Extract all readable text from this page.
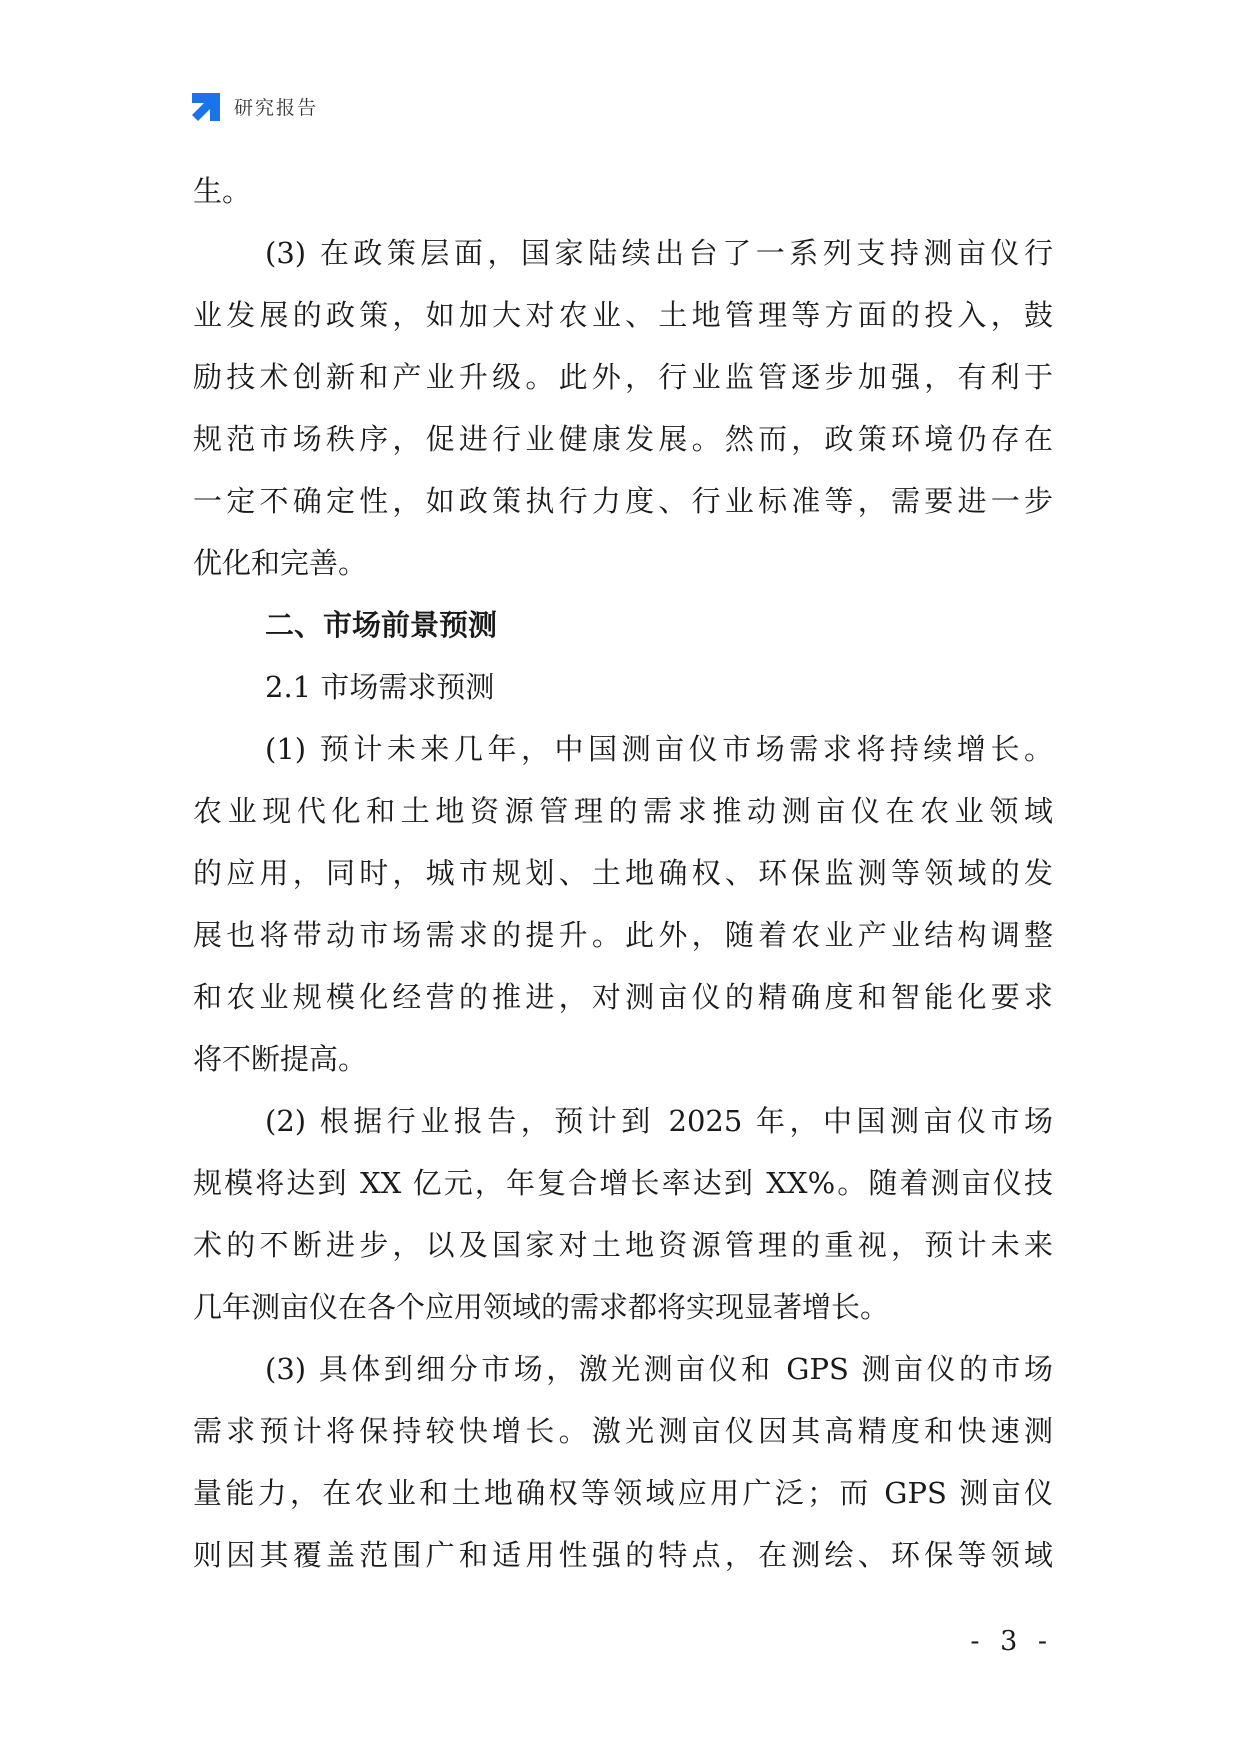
研究报告
生。
(3) 在政策层面，国家陆续出台了一系列支持测亩仪行
业发展的政策，如加大对农业、土地管理等方面的投入，鼓
励技术创新和产业升级。此外，行业监管逐步加强，有利于
规范市场秩序，促进行业健康发展。然而，政策环境仍存在
一定不确定性，如政策执行力度、行业标准等，需要进一步
优化和完善。
二、市场前景预测
2.1 市场需求预测
(1) 预计未来几年，中国测亩仪市场需求将持续增长。
农业现代化和土地资源管理的需求推动测亩仪在农业领域
的应用，同时，城市规划、土地确权、环保监测等领域的发
展也将带动市场需求的提升。此外，随着农业产业结构调整
和农业规模化经营的推进，对测亩仪的精确度和智能化要求
将不断提高。
(2) 根据行业报告，预计到 2025 年，中国测亩仪市场
规模将达到 XX 亿元，年复合增长率达到 XX%。随着测亩仪技
术的不断进步，以及国家对土地资源管理的重视，预计未来
几年测亩仪在各个应用领域的需求都将实现显著增长。
(3) 具体到细分市场，激光测亩仪和 GPS 测亩仪的市场
需求预计将保持较快增长。激光测亩仪因其高精度和快速测
量能力，在农业和土地确权等领域应用广泛；而 GPS 测亩仪
则因其覆盖范围广和适用性强的特点，在测绘、环保等领域
- 3 -
